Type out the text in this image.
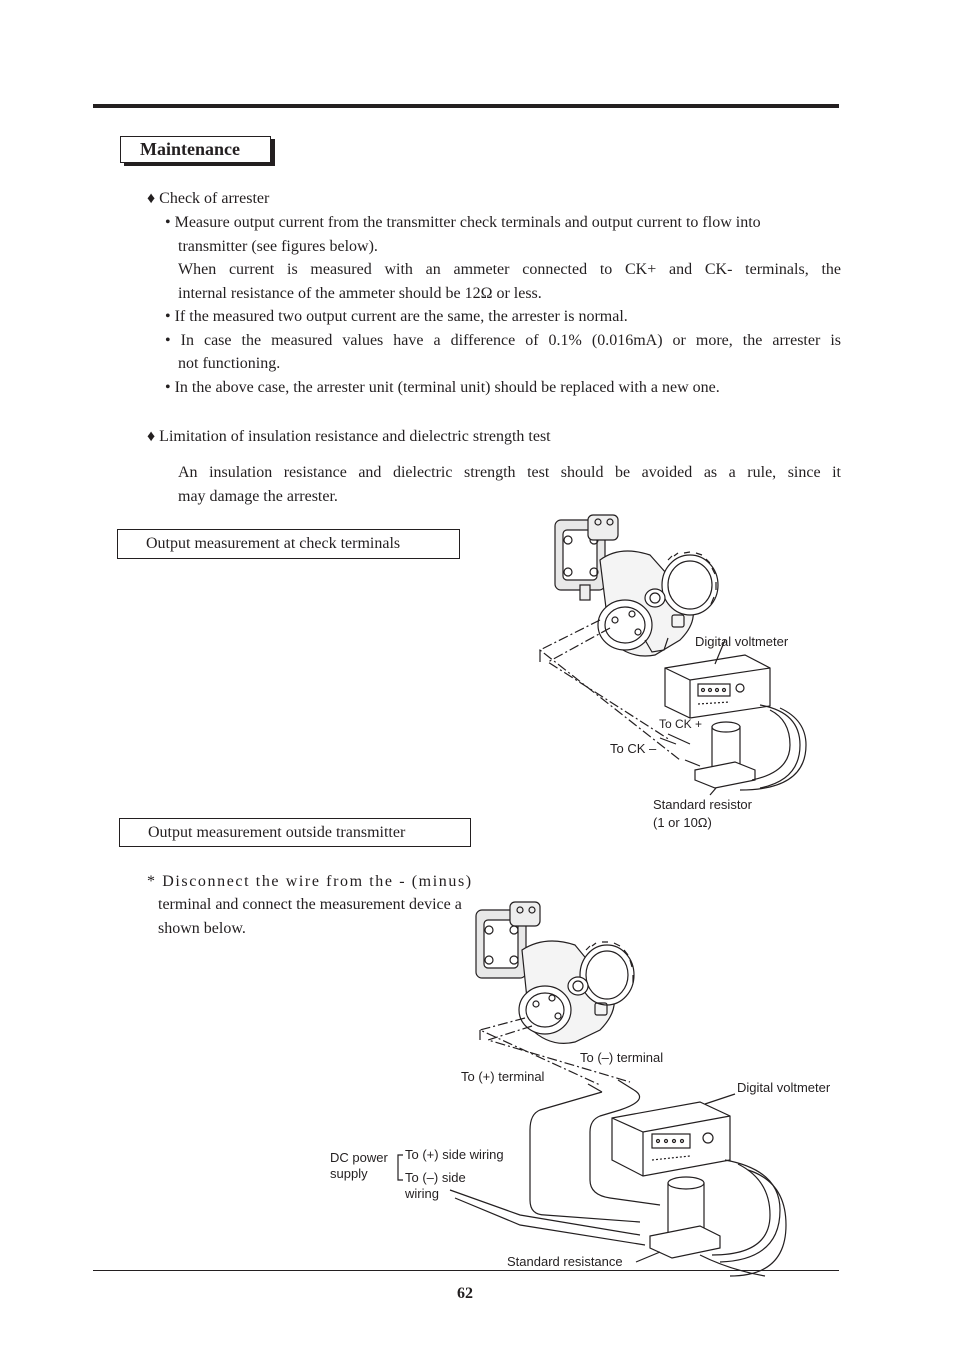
Maintenance
♦ Check of arrester
• Measure output current from the transmitter check terminals and output current to flow into
transmitter (see figures below).
When current is measured with an ammeter connected to CK+ and CK- terminals, the
internal resistance of the ammeter should be 12Ω or less.
• If the measured two output current are the same, the arrester is normal.
• In case the measured values have a difference of 0.1% (0.016mA) or more, the arrester is
not functioning.
• In the above case, the arrester unit (terminal unit) should be replaced with a new one.
♦ Limitation of insulation resistance and dielectric strength test
An insulation resistance and dielectric strength test should be avoided as a rule, since it
may damage the arrester.
Output measurement at check terminals
Digital voltmeter
To CK +
To CK –
Standard resistor
(1 or 10Ω)
Output measurement outside transmitter
* Disconnect the wire from the - (minus)
terminal and connect the measurement device a
shown below.
To (–) terminal
To (+) terminal
Digital voltmeter
DC power
supply
To (+) side wiring
To (–) side
wiring
Standard resistance
62
